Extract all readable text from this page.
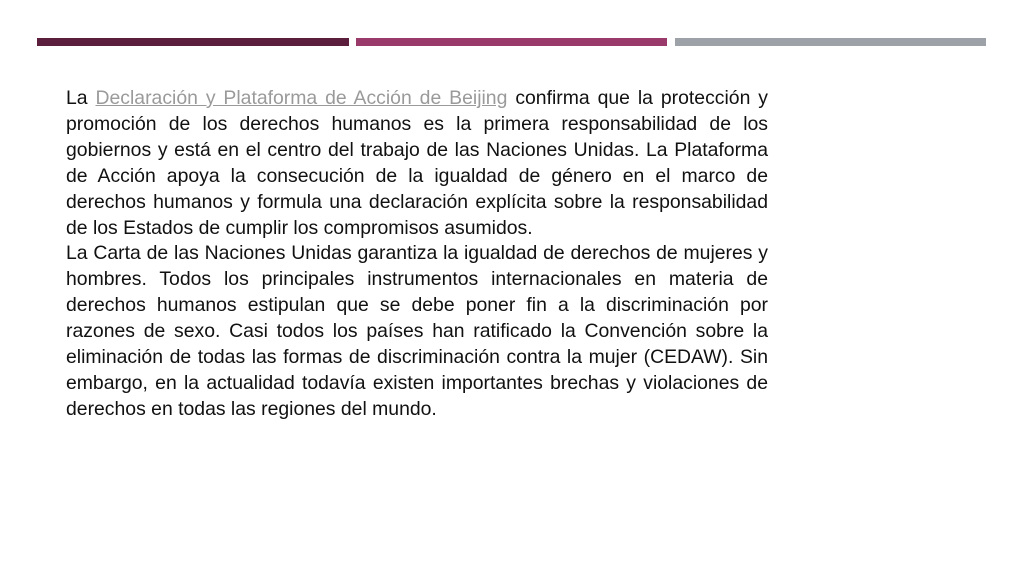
La Declaración y Plataforma de Acción de Beijing confirma que la protección y promoción de los derechos humanos es la primera responsabilidad de los gobiernos y está en el centro del trabajo de las Naciones Unidas. La Plataforma de Acción apoya la consecución de la igualdad de género en el marco de derechos humanos y formula una declaración explícita sobre la responsabilidad de los Estados de cumplir los compromisos asumidos.

La Carta de las Naciones Unidas garantiza la igualdad de derechos de mujeres y hombres. Todos los principales instrumentos internacionales en materia de derechos humanos estipulan que se debe poner fin a la discriminación por razones de sexo. Casi todos los países han ratificado la Convención sobre la eliminación de todas las formas de discriminación contra la mujer (CEDAW). Sin embargo, en la actualidad todavía existen importantes brechas y violaciones de derechos en todas las regiones del mundo.
